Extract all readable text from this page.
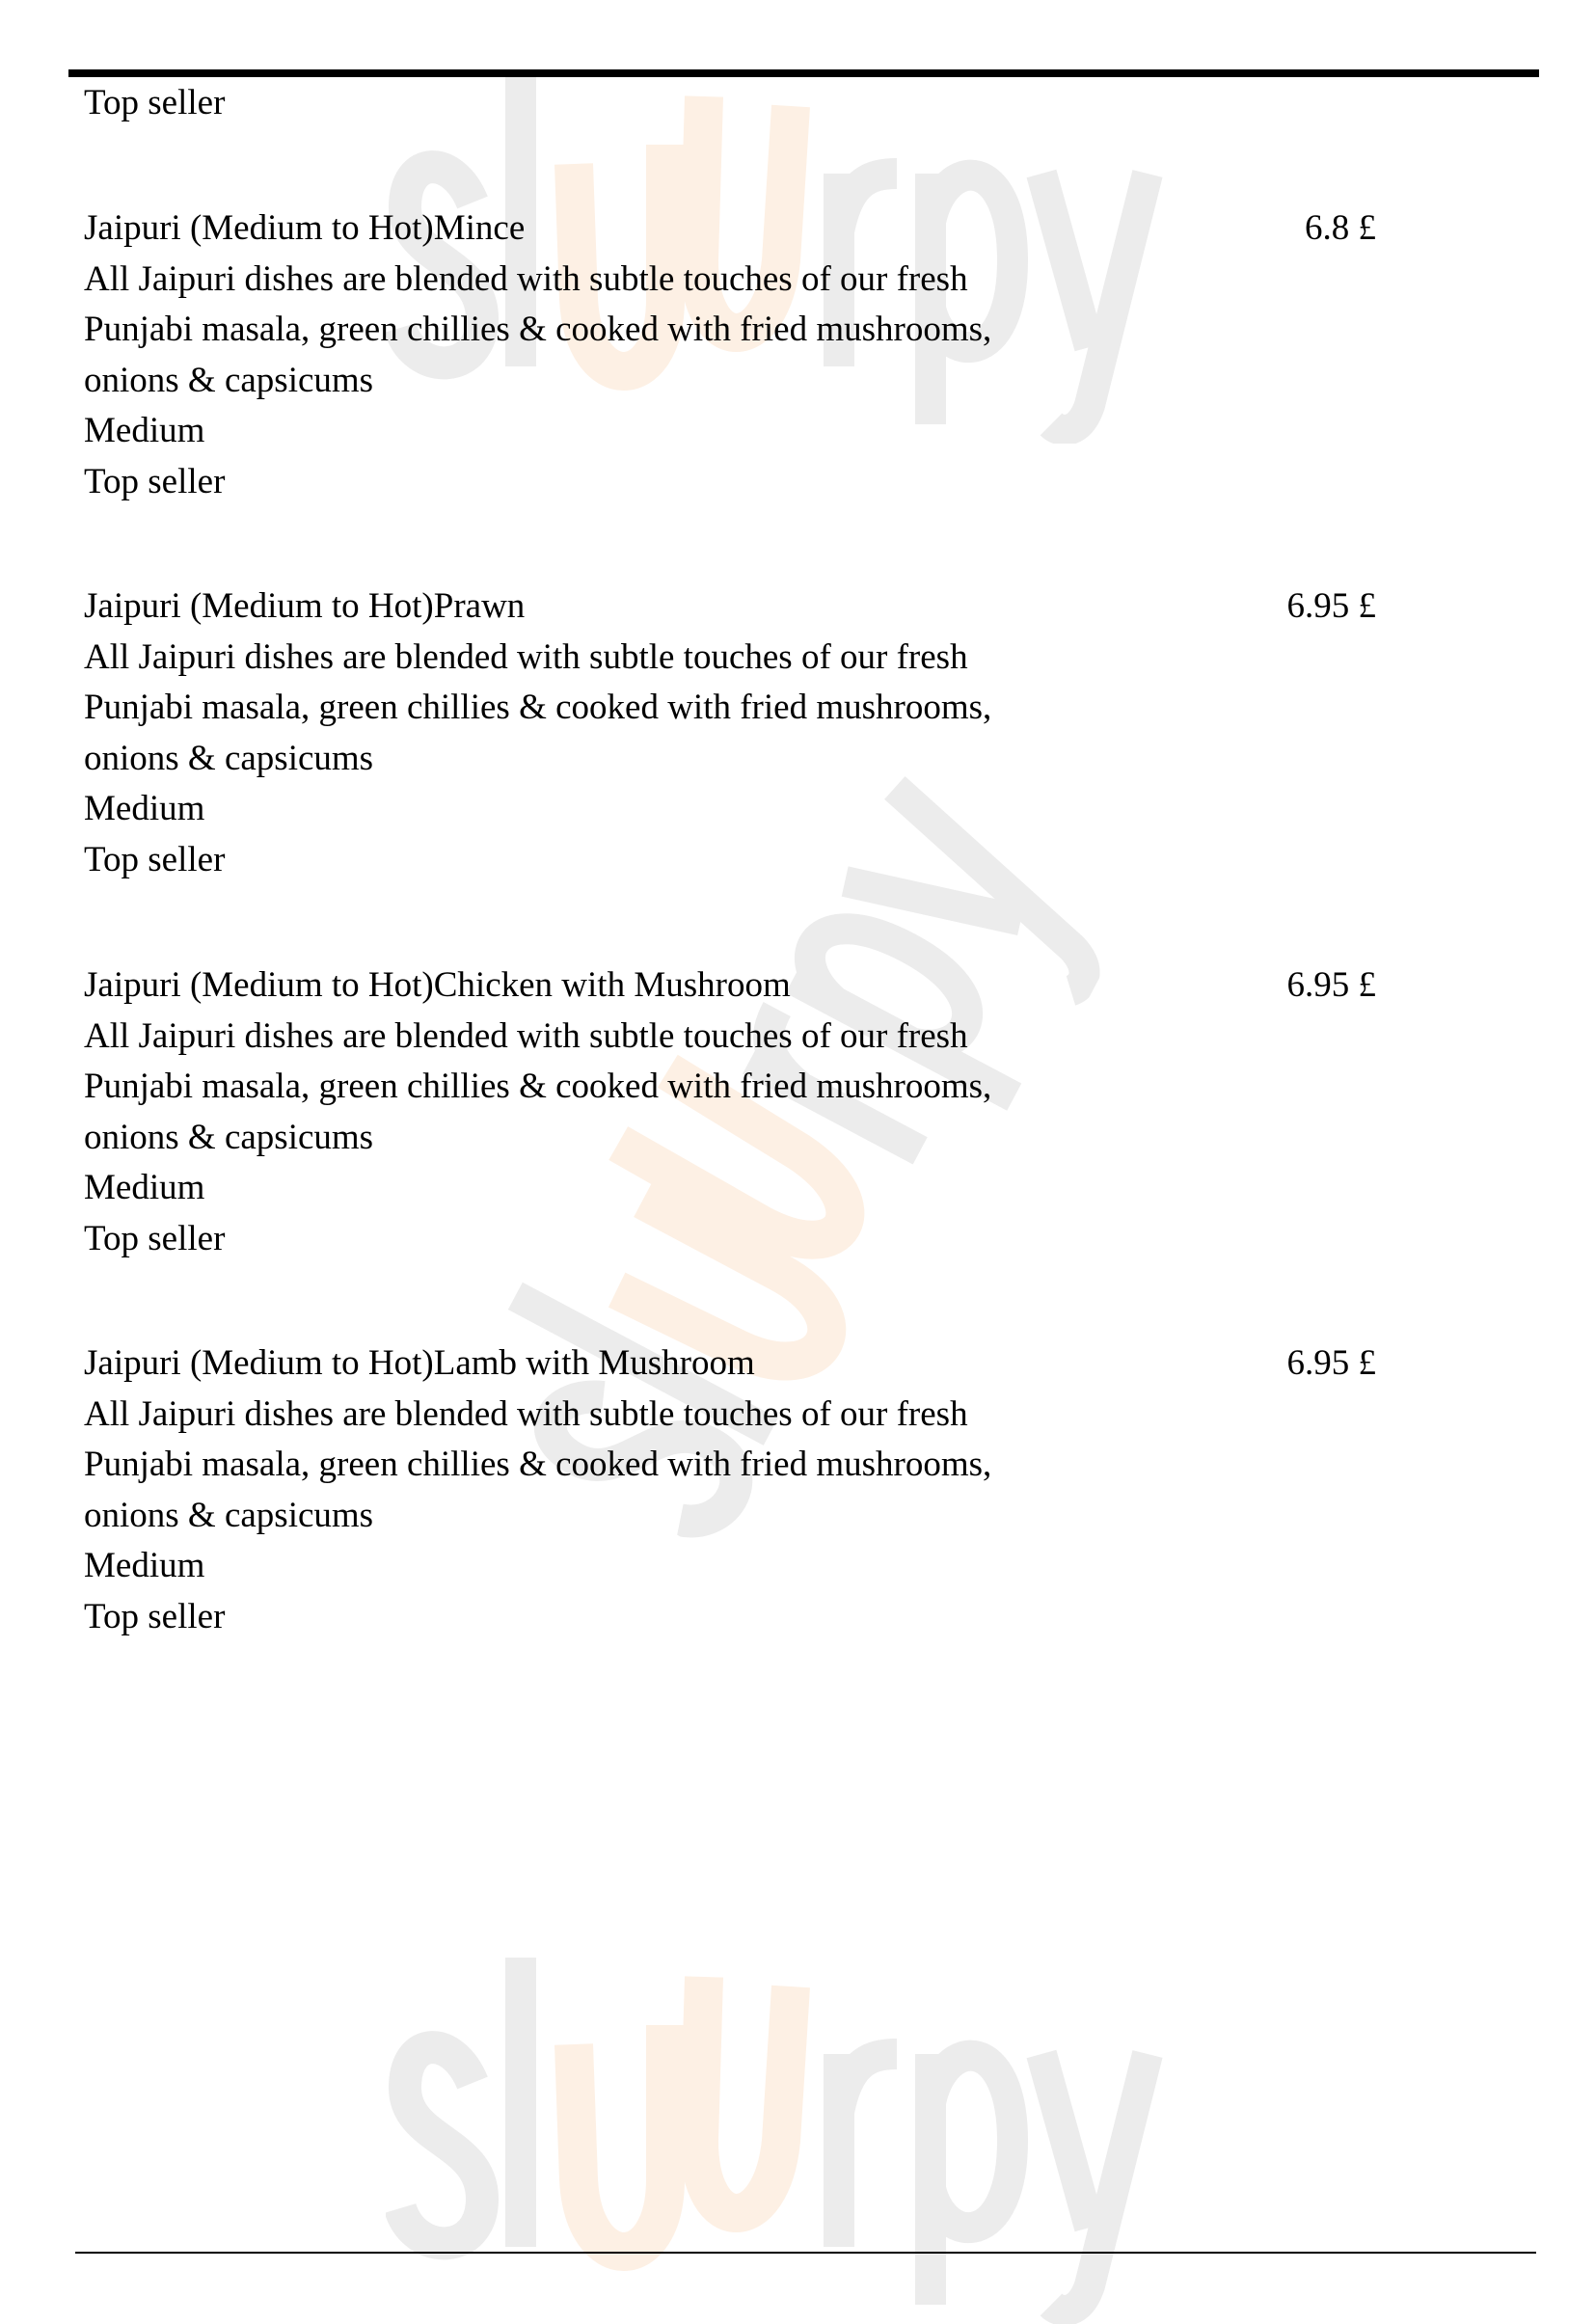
Top seller
Jaipuri (Medium to Hot)Mince	6.8 £
All Jaipuri dishes are blended with subtle touches of our fresh
Punjabi masala, green chillies & cooked with fried mushrooms,
onions & capsicums
Medium
Top seller
Jaipuri (Medium to Hot)Prawn	6.95 £
All Jaipuri dishes are blended with subtle touches of our fresh
Punjabi masala, green chillies & cooked with fried mushrooms,
onions & capsicums
Medium
Top seller
Jaipuri (Medium to Hot)Chicken with Mushroom	6.95 £
All Jaipuri dishes are blended with subtle touches of our fresh
Punjabi masala, green chillies & cooked with fried mushrooms,
onions & capsicums
Medium
Top seller
Jaipuri (Medium to Hot)Lamb with Mushroom	6.95 £
All Jaipuri dishes are blended with subtle touches of our fresh
Punjabi masala, green chillies & cooked with fried mushrooms,
onions & capsicums
Medium
Top seller
